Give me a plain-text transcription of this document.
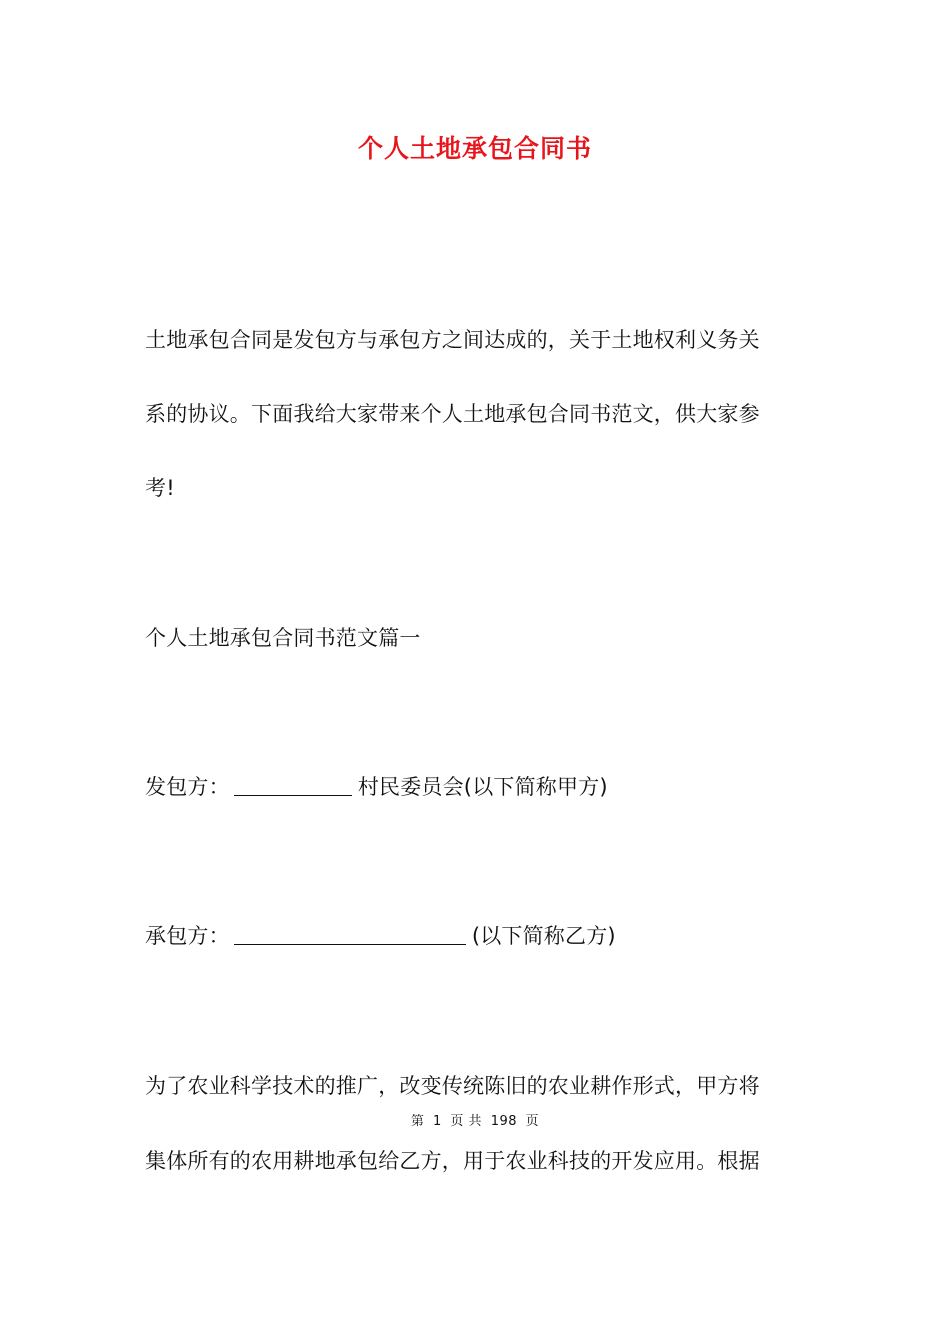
个人土地承包合同书
土地承包合同是发包方与承包方之间达成的，关于土地权利义务关
系的协议。下面我给大家带来个人土地承包合同书范文，供大家参
考!
个人土地承包合同书范文篇一
发包方：	村民委员会(以下简称甲方)
承包方：	(以下简称乙方)
为了农业科学技术的推广，改变传统陈旧的农业耕作形式，甲方将
第 1 页 共 198 页
集体所有的农用耕地承包给乙方，用于农业科技的开发应用。根据
